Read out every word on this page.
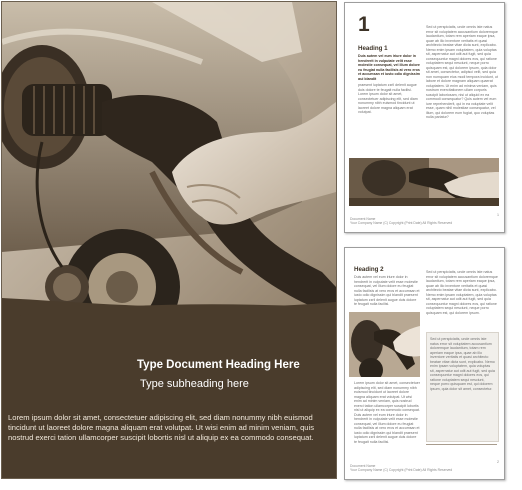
Type Document Heading Here
Type subheading here
Lorem ipsum dolor sit amet, consectetuer adipiscing elit, sed diam nonummy nibh euismod tincidunt ut laoreet dolore magna aliquam erat volutpat. Ut wisi enim ad minim veniam, quis nostrud exerci tation ullamcorper suscipit lobortis nisl ut aliquip ex ea commodo consequat.
1
Heading 1
Duis autem vel eum iriure dolor in hendrerit in vulputate velit esse molestie consequat, vel illum dolore eu feugiat nulla facilisis at vero eros et accumsan et iusto odio dignissim qui blandit
praesent luptatum zzril delenit augue duis dolore te feugait nulla facilisi. Lorem ipsum dolor sit amet, consectetuer adipiscing elit, sed diam nonummy nibh euismod tincidunt ut laoreet dolore magna aliquam erat volutpat.
Sed ut perspiciatis, unde omnis iste natus error sit voluptatem accusantium doloremque laudantium, totam rem aperiam eaque ipsa, quae ab illo inventore veritatis et quasi architecto beatae vitae dicta sunt, explicabo. Nemo enim ipsam voluptatem, quia voluptas sit, aspernatur aut odit aut fugit, sed quia consequuntur magni dolores eos, qui ratione voluptatem sequi nesciunt, neque porro quisquam est, qui dolorem ipsum, quia dolor sit amet, consectetur, adipisci velit, sed quia non numquam eius modi tempora incidunt, ut labore et dolore magnam aliquam quaerat voluptatem. Ut enim ad minima veniam, quis nostrum exercitationem ullam corporis suscipit laboriosam, nisi ut aliquid ex ea commodi consequatur? Quis autem vel eum iure reprehenderit, qui in ea voluptate velit esse, quam nihil molestiae consequatur, vel illum, qui dolorem eum fugiat, quo voluptas nulla pariatur?
Document Name
Your Company Name (C) Copyright (Print Date) All Rights Reserved
1
Heading 2
Duis autem vel eum iriure dolor in hendrerit in vulputate velit esse molestie consequat, vel illum dolore eu feugiat nulla facilisis at vero eros et accumsan et iusto odio dignissim qui blandit praesent luptatum zzril delenit augue duis dolore te feugait nulla facilisi.
Lorem ipsum dolor sit amet, consectetuer adipiscing elit, sed diam nonummy nibh euismod tincidunt ut laoreet dolore magna aliquam erat volutpat. Ut wisi enim ad minim veniam, quis nostrud exerci tation ullamcorper suscipit lobortis nisl ut aliquip ex ea commodo consequat. Duis autem vel eum iriure dolor in hendrerit in vulputate velit esse molestie consequat, vel illum dolore eu feugiat nulla facilisis at vero eros et accumsan et iusto odio dignissim qui blandit praesent luptatum zzril delenit augue duis dolore te feugait nulla facilisi.
Sed ut perspiciatis, unde omnis iste natus error sit voluptatem accusantium doloremque laudantium, totam rem aperiam eaque ipsa, quae ab illo inventore veritatis et quasi architecto beatae vitae dicta sunt, explicabo. Nemo enim ipsam voluptatem, quia voluptas sit, aspernatur aut odit aut fugit, sed quia consequuntur magni dolores eos, qui ratione voluptatem sequi nesciunt, neque porro quisquam est, qui dolorem ipsum.
Sed ut perspiciatis, unde omnis iste natus error sit voluptatem accusantium doloremque laudantium, totam rem aperiam eaque ipsa, quae ab illo inventore veritatis et quasi architecto beatae vitae dicta sunt, explicabo. Nemo enim ipsam voluptatem, quia voluptas sit, aspernatur aut odit aut fugit, sed quia consequuntur magni dolores eos, qui ratione voluptatem sequi nesciunt, neque porro quisquam est, qui dolorem ipsum, quia dolor sit amet, consectetur.
Document Name
Your Company Name (C) Copyright (Print Date) All Rights Reserved
2
